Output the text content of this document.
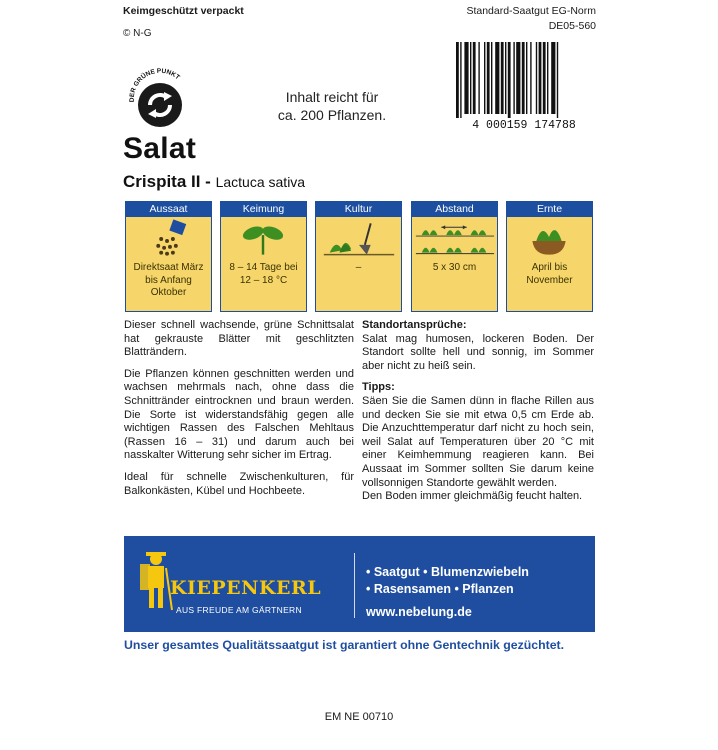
Keimgeschützt verpackt
© N-G
Standard-Saatgut EG-Norm
DE05-560
4 000159 174788
DER GRÜNE PUNKT
Inhalt reicht für
ca. 200 Pflanzen.
Salat
Crispita II - Lactuca sativa
Aussaat
Direktsaat März bis Anfang Oktober
Keimung
8 – 14 Tage bei 12 – 18 °C
Kultur
–
Abstand
5 x 30 cm
Ernte
April bis November

Dieser schnell wachsende, grüne Schnittsalat hat gekrauste Blätter mit geschlitzten Blatträndern.

Die Pflanzen können geschnitten werden und wachsen mehrmals nach, ohne dass die Schnittränder eintrocknen und braun werden. Die Sorte ist widerstandsfähig gegen alle wichtigen Rassen des Falschen Mehltaus (Rassen 16 – 31) und darum auch bei nasskalter Witterung sehr sicher im Ertrag.

Ideal für schnelle Zwischenkulturen, für Balkonkästen, Kübel und Hochbeete.

Standortansprüche:

Salat mag humosen, lockeren Boden. Der Standort sollte hell und sonnig, im Sommer aber nicht zu heiß sein.

Tipps:

Säen Sie die Samen dünn in flache Rillen aus und decken Sie sie mit etwa 0,5 cm Erde ab. Die Anzuchttemperatur darf nicht zu hoch sein, weil Salat auf Temperaturen über 20 °C mit einer Keimhemmung reagieren kann. Bei Aussaat im Sommer sollten Sie darum keine vollsonnigen Standorte gewählt werden.

Den Boden immer gleichmäßig feucht halten.

KIEPENKERL
AUS FREUDE AM GÄRTNERN
• Saatgut • Blumenzwiebeln
• Rasensamen • Pflanzen
www.nebelung.de
Unser gesamtes Qualitätssaatgut ist garantiert ohne Gentechnik gezüchtet.
EM NE 00710
